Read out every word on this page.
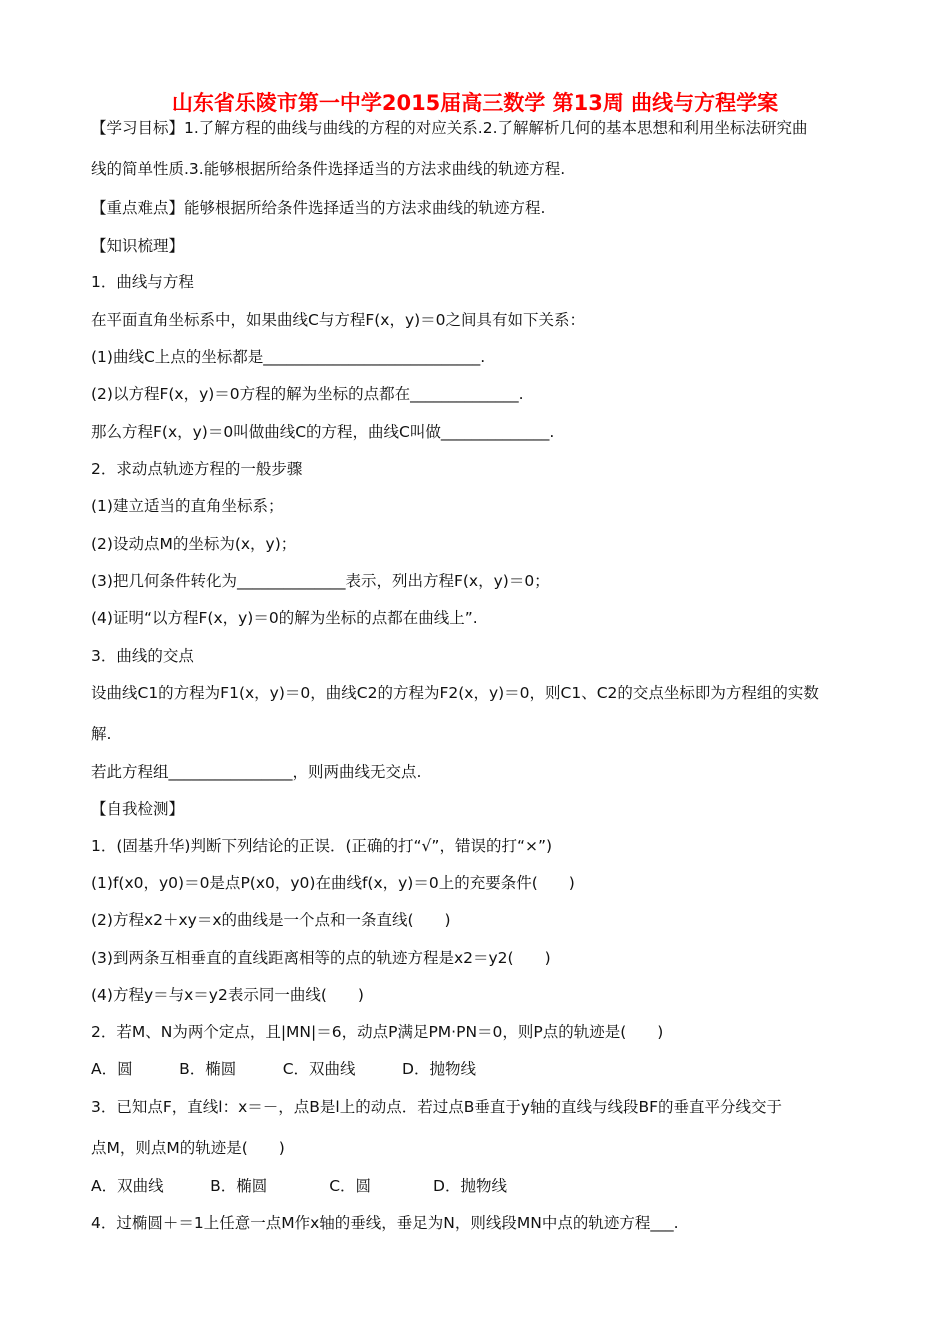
山东省乐陵市第一中学2015届高三数学 第13周 曲线与方程学案
【学习目标】1.了解方程的曲线与曲线的方程的对应关系.2.了解解析几何的基本思想和利用坐标法研究曲
线的简单性质.3.能够根据所给条件选择适当的方法求曲线的轨迹方程.
【重点难点】能够根据所给条件选择适当的方法求曲线的轨迹方程.
【知识梳理】
1．曲线与方程
在平面直角坐标系中，如果曲线C与方程F(x，y)＝0之间具有如下关系：
(1)曲线C上点的坐标都是____________________________.
(2)以方程F(x，y)＝0方程的解为坐标的点都在______________.
那么方程F(x，y)＝0叫做曲线C的方程，曲线C叫做______________.
2．求动点轨迹方程的一般步骤
(1)建立适当的直角坐标系；
(2)设动点M的坐标为(x，y)；
(3)把几何条件转化为______________表示，列出方程F(x，y)＝0；
(4)证明“以方程F(x，y)＝0的解为坐标的点都在曲线上”.
3．曲线的交点
设曲线C1的方程为F1(x，y)＝0，曲线C2的方程为F2(x，y)＝0，则C1、C2的交点坐标即为方程组的实数
解.
若此方程组________________，则两曲线无交点.
【自我检测】
1．(固基升华)判断下列结论的正误．(正确的打“√”，错误的打“×”)
(1)f(x0，y0)＝0是点P(x0，y0)在曲线f(x，y)＝0上的充要条件(　　)
(2)方程x2＋xy＝x的曲线是一个点和一条直线(　　)
(3)到两条互相垂直的直线距离相等的点的轨迹方程是x2＝y2(　　)
(4)方程y＝与x＝y2表示同一曲线(　　)
2．若M、N为两个定点，且|MN|＝6，动点P满足PM·PN＝0，则P点的轨迹是(　　)
A．圆　　　B．椭圆　　　C．双曲线　　　D．抛物线
3．已知点F，直线l：x＝－，点B是l上的动点．若过点B垂直于y轴的直线与线段BF的垂直平分线交于
点M，则点M的轨迹是(　　)
A．双曲线　　　B．椭圆　　　　C．圆　　　　D．抛物线
4．过椭圆＋＝1上任意一点M作x轴的垂线，垂足为N，则线段MN中点的轨迹方程___.
